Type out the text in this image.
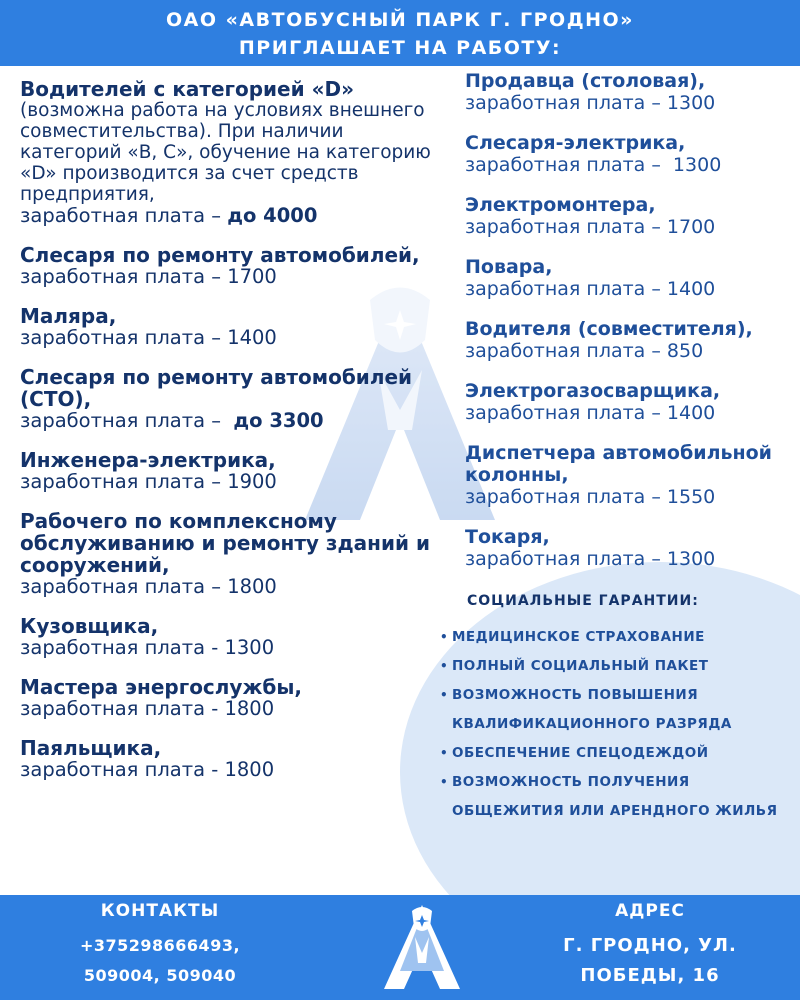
ОАО «АВТОБУСНЫЙ ПАРК Г. ГРОДНО»
ПРИГЛАШАЕТ НА РАБОТУ:
Водителей с категорией «D»
(возможна работа на условиях внешнего совместительства). При наличии категорий «В, С», обучение на категорию «D» производится за счет средств предприятия,
заработная плата – до 4000
Слесаря по ремонту автомобилей,
заработная плата – 1700
Маляра,
заработная плата – 1400
Слесаря по ремонту автомобилей (СТО),
заработная плата –  до 3300
Инженера-электрика,
заработная плата – 1900
Рабочего по комплексному обслуживанию и ремонту зданий и сооружений,
заработная плата – 1800
Кузовщика,
заработная плата - 1300
Мастера энергослужбы,
заработная плата - 1800
Паяльщика,
заработная плата - 1800
Продавца (столовая),
заработная плата – 1300
Слесаря-электрика,
заработная плата –  1300
Электромонтера,
заработная плата – 1700
Повара,
заработная плата – 1400
Водителя (совместителя),
заработная плата – 850
Электрогазосварщика,
заработная плата – 1400
Диспетчера автомобильной колонны,
заработная плата – 1550
Токаря,
заработная плата – 1300
СОЦИАЛЬНЫЕ ГАРАНТИИ:
• МЕДИЦИНСКОЕ СТРАХОВАНИЕ
• ПОЛНЫЙ СОЦИАЛЬНЫЙ ПАКЕТ
• ВОЗМОЖНОСТЬ ПОВЫШЕНИЯ КВАЛИФИКАЦИОННОГО РАЗРЯДА
• ОБЕСПЕЧЕНИЕ СПЕЦОДЕЖДОЙ
• ВОЗМОЖНОСТЬ ПОЛУЧЕНИЯ ОБЩЕЖИТИЯ ИЛИ АРЕНДНОГО ЖИЛЬЯ
КОНТАКТЫ
+375298666493,
509004, 509040
АДРЕС
Г. ГРОДНО, УЛ.
ПОБЕДЫ, 16
